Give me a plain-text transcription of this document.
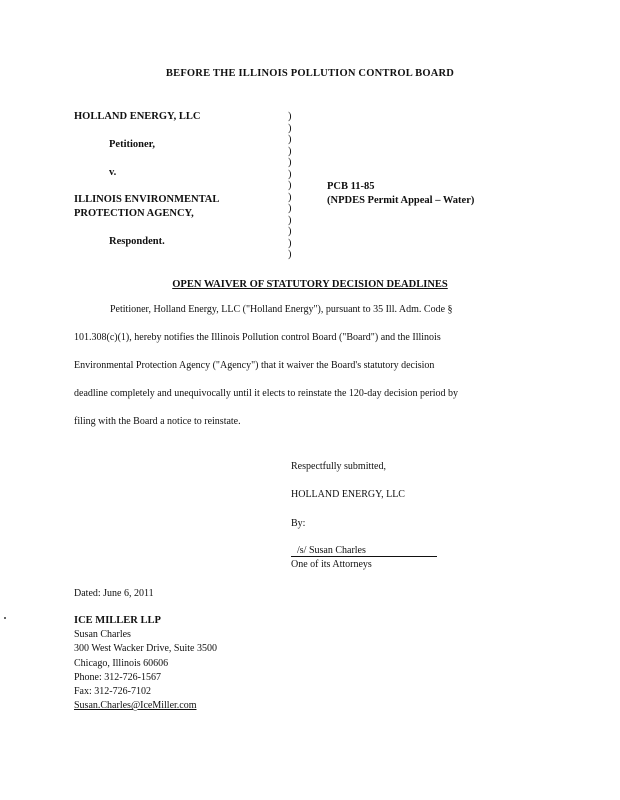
BEFORE THE ILLINOIS POLLUTION CONTROL BOARD
HOLLAND ENERGY, LLC
Petitioner,
v.
ILLINOIS ENVIRONMENTAL
PROTECTION AGENCY,
Respondent.
)
)
)
)
)
)
)
)
)
)
)
)
)
PCB 11-85
(NPDES Permit Appeal – Water)
OPEN WAIVER OF STATUTORY DECISION DEADLINES
Petitioner, Holland Energy, LLC ("Holland Energy"), pursuant to 35 Ill. Adm. Code §
101.308(c)(1), hereby notifies the Illinois Pollution control Board ("Board") and the Illinois
Environmental Protection Agency ("Agency") that it waiver the Board's statutory decision
deadline completely and unequivocally until it elects to reinstate the 120-day decision period by
filing with the Board a notice to reinstate.
Respectfully submitted,
HOLLAND ENERGY, LLC
By:
/s/ Susan Charles
One of its Attorneys
Dated: June 6, 2011
ICE MILLER LLP
Susan Charles
300 West Wacker Drive, Suite 3500
Chicago, Illinois 60606
Phone: 312-726-1567
Fax: 312-726-7102
Susan.Charles@IceMiller.com
